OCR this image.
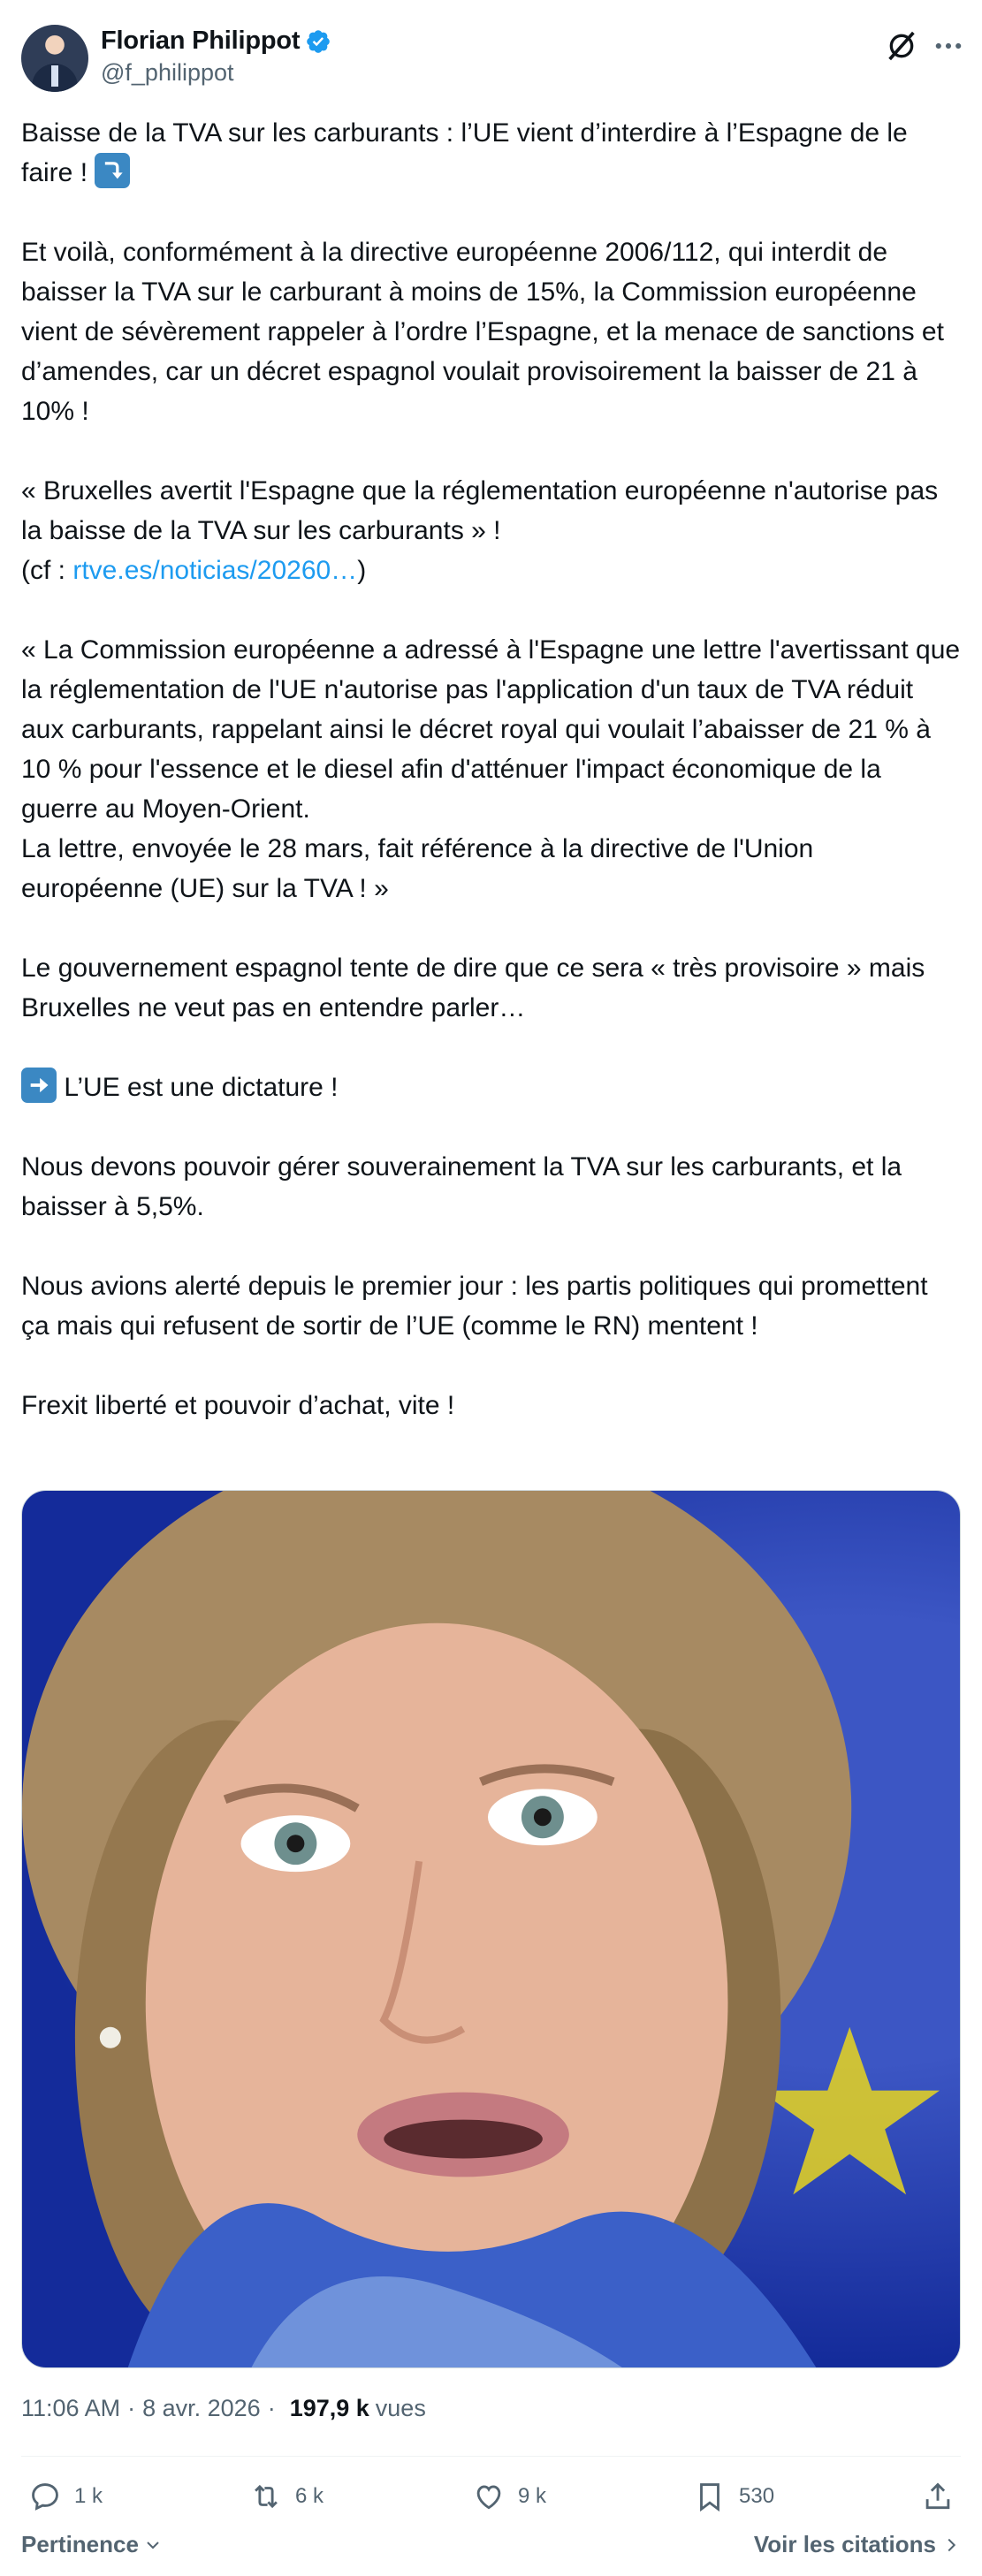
Florian Philippot
@f_philippot

Baisse de la TVA sur les carburants : l’UE vient d’interdire à l’Espagne de le faire !

Et voilà, conformément à la directive européenne 2006/112, qui interdit de baisser la TVA sur le carburant à moins de 15%, la Commission européenne vient de sévèrement rappeler à l’ordre l’Espagne, et la menace de sanctions et d’amendes, car un décret espagnol voulait provisoirement la baisser de 21 à 10% !

« Bruxelles avertit l'Espagne que la réglementation européenne n'autorise pas la baisse de la TVA sur les carburants » !
(cf : rtve.es/noticias/20260…)

« La Commission européenne a adressé à l'Espagne une lettre l'avertissant que la réglementation de l'UE n'autorise pas l'application d'un taux de TVA réduit aux carburants, rappelant ainsi le décret royal qui voulait l’abaisser de 21 % à 10 % pour l'essence et le diesel afin d'atténuer l'impact économique de la guerre au Moyen-Orient.
La lettre, envoyée le 28 mars, fait référence à la directive de l'Union européenne (UE) sur la TVA ! »

Le gouvernement espagnol tente de dire que ce sera « très provisoire » mais Bruxelles ne veut pas en entendre parler…

L’UE est une dictature !

Nous devons pouvoir gérer souverainement la TVA sur les carburants, et la baisser à 5,5%.

Nous avions alerté depuis le premier jour : les partis politiques qui promettent ça mais qui refusent de sortir de l’UE (comme le RN) mentent !

Frexit liberté et pouvoir d’achat, vite !

11:06 AM · 8 avr. 2026 · 197,9 k vues
1 k	6 k	9 k	530
Pertinence	Voir les citations
